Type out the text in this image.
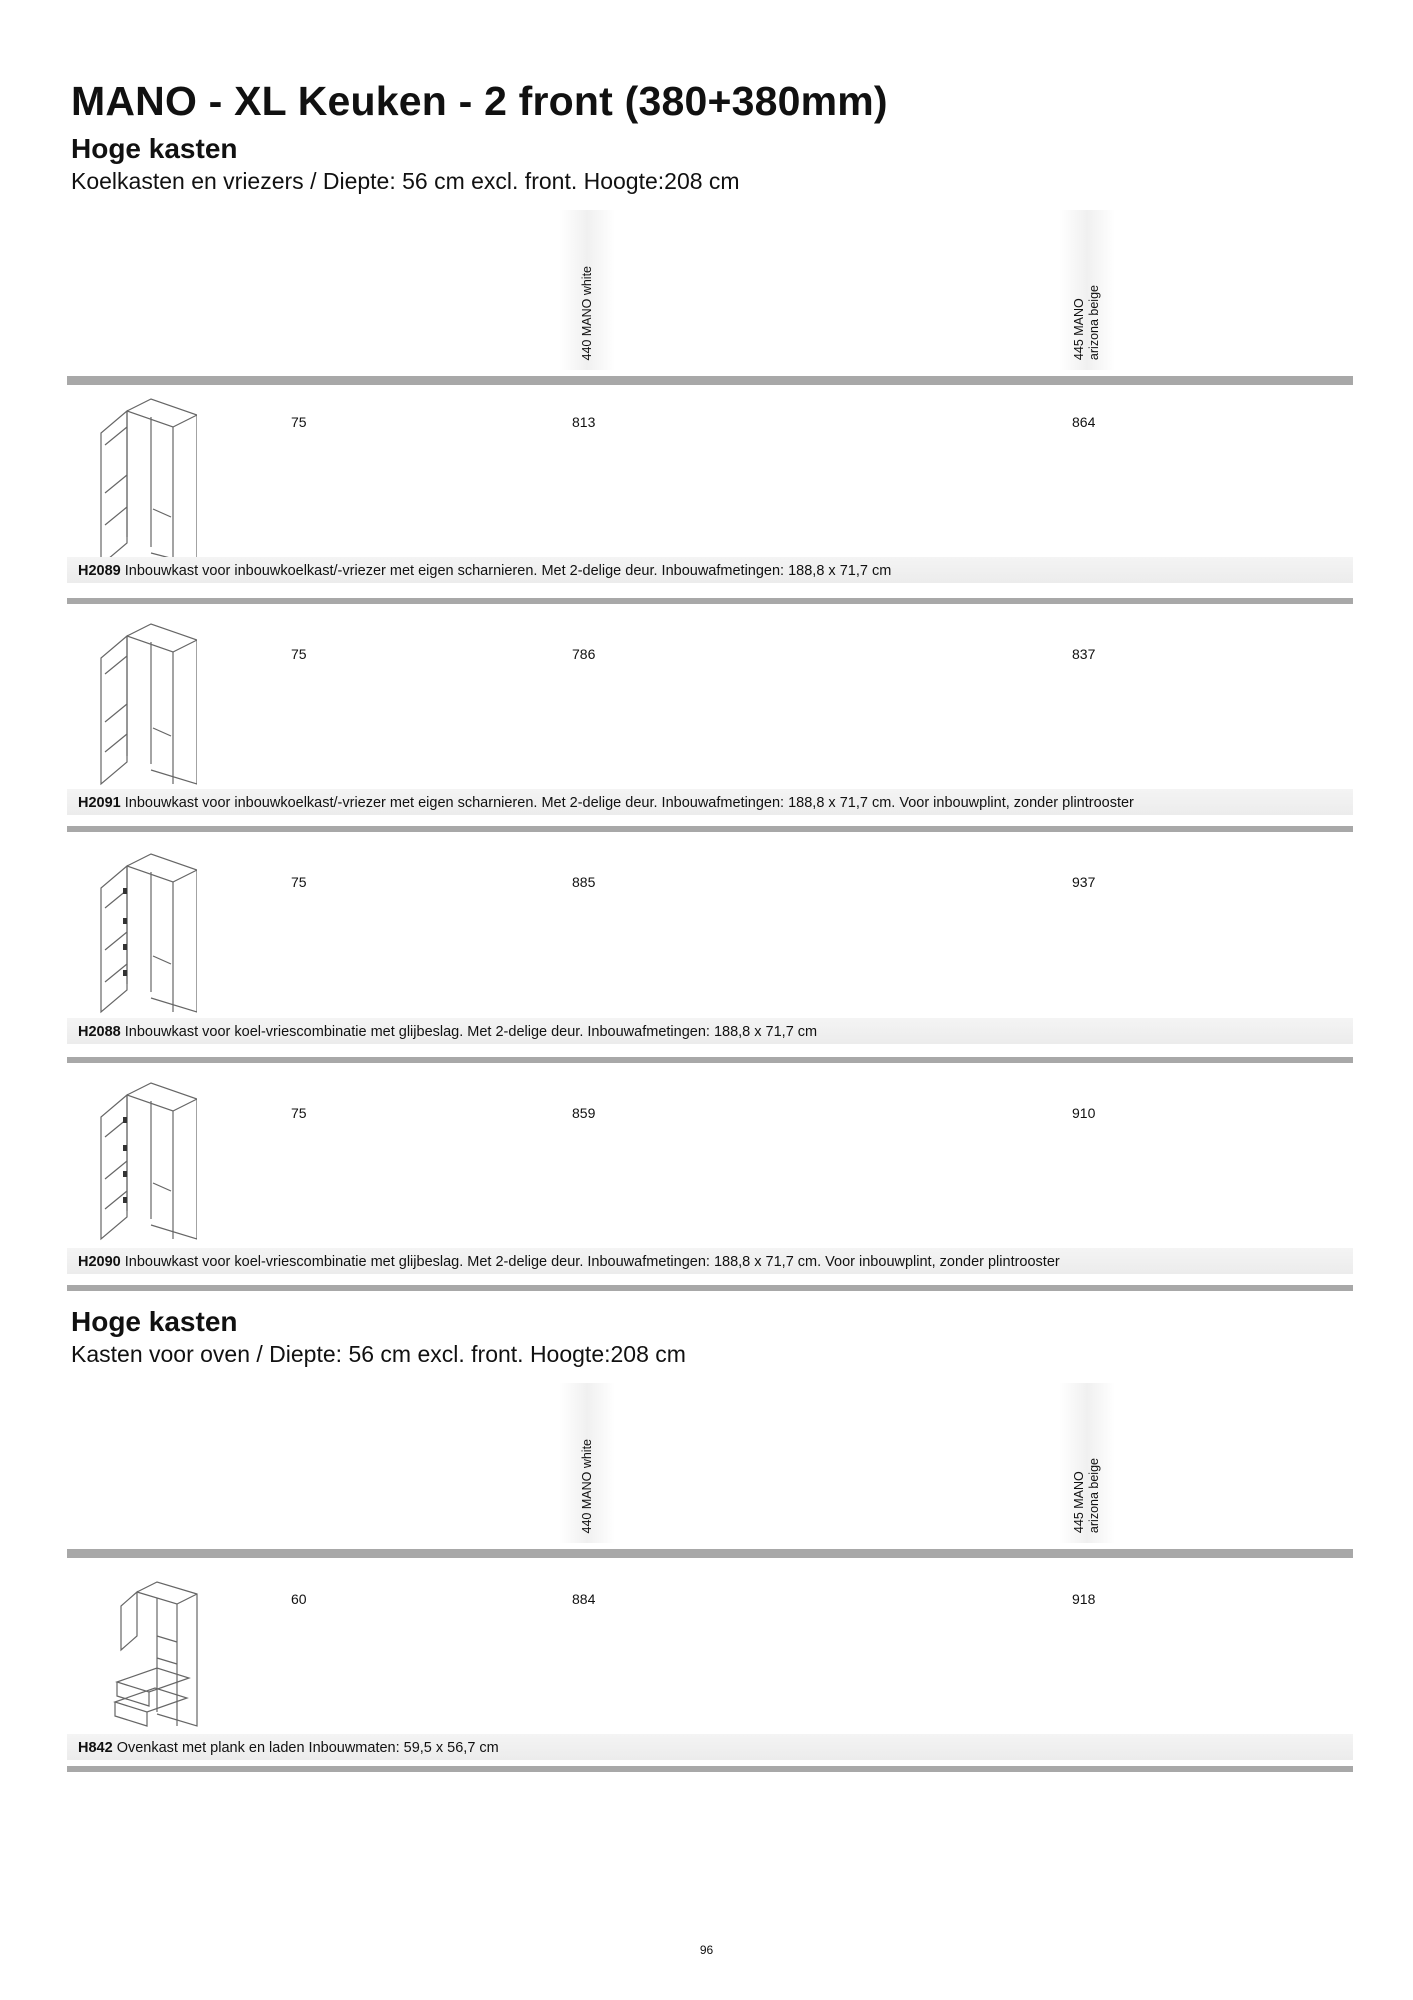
MANO - XL Keuken - 2 front (380+380mm)
Hoge kasten
Koelkasten en vriezers / Diepte: 56 cm excl. front. Hoogte:208 cm
440 MANO white	445 MANO
arizona beige
75	813	864
H2089 Inbouwkast voor inbouwkoelkast/-vriezer met eigen scharnieren. Met 2-delige deur. Inbouwafmetingen: 188,8 x 71,7 cm
75	786	837
H2091 Inbouwkast voor inbouwkoelkast/-vriezer met eigen scharnieren. Met 2-delige deur. Inbouwafmetingen: 188,8 x 71,7 cm. Voor inbouwplint, zonder plintrooster
75	885	937
H2088 Inbouwkast voor koel-vriescombinatie met glijbeslag. Met 2-delige deur. Inbouwafmetingen: 188,8 x 71,7 cm
75	859	910
H2090 Inbouwkast voor koel-vriescombinatie met glijbeslag. Met 2-delige deur. Inbouwafmetingen: 188,8 x 71,7 cm. Voor inbouwplint, zonder plintrooster
Hoge kasten
Kasten voor oven / Diepte: 56 cm excl. front. Hoogte:208 cm
440 MANO white	445 MANO
arizona beige
60	884	918
H842 Ovenkast met plank en laden Inbouwmaten: 59,5 x 56,7 cm
96
